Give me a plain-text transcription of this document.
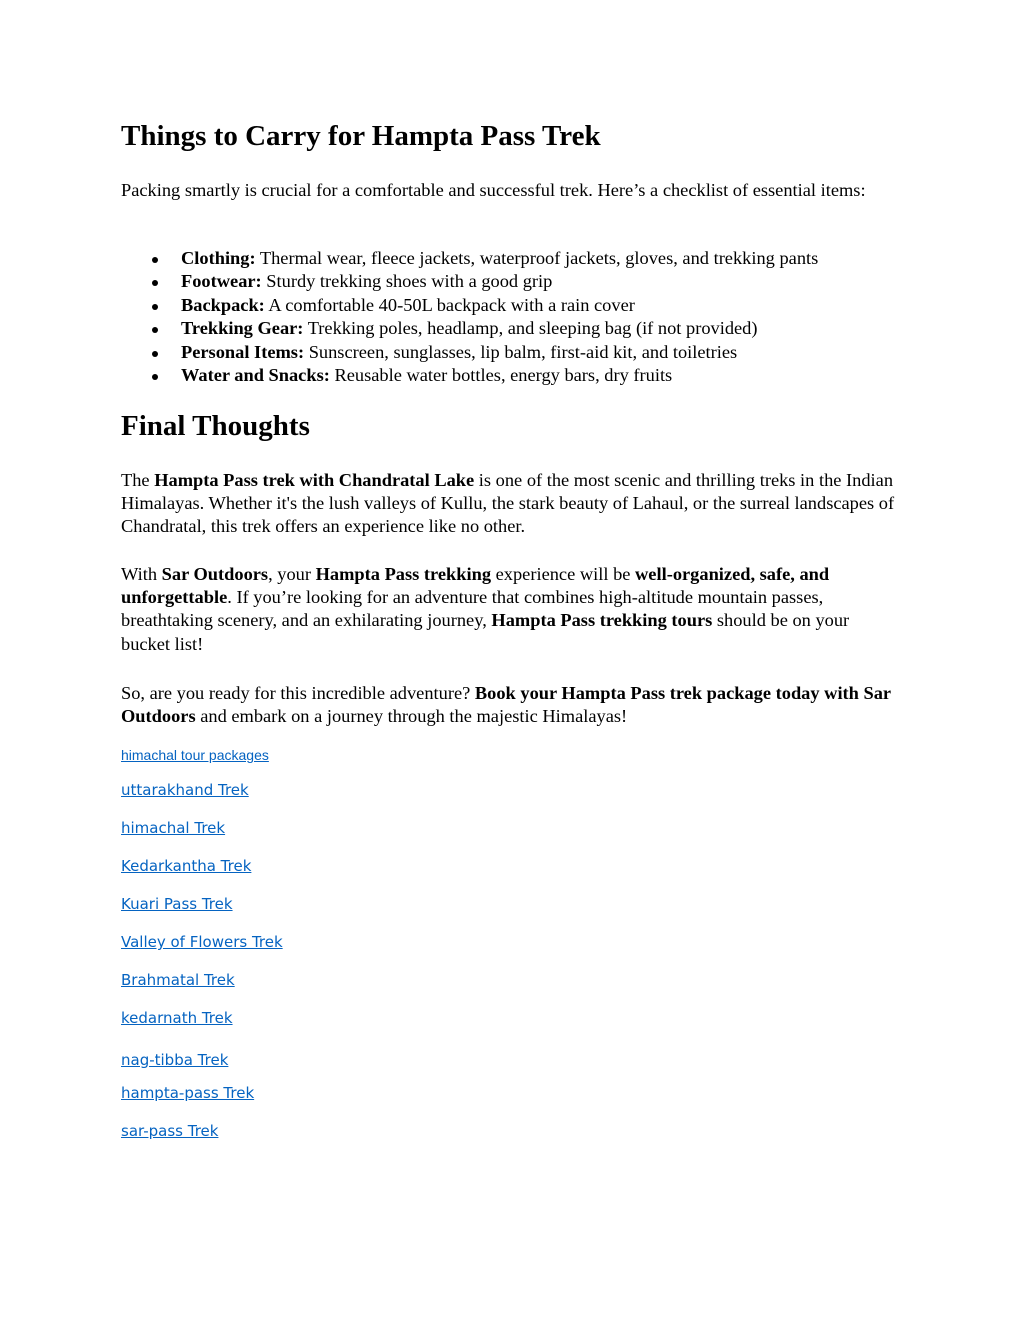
Things to Carry for Hampta Pass Trek

Packing smartly is crucial for a comfortable and successful trek. Here’s a checklist of essential items:

Clothing: Thermal wear, fleece jackets, waterproof jackets, gloves, and trekking pants
Footwear: Sturdy trekking shoes with a good grip
Backpack: A comfortable 40-50L backpack with a rain cover
Trekking Gear: Trekking poles, headlamp, and sleeping bag (if not provided)
Personal Items: Sunscreen, sunglasses, lip balm, first-aid kit, and toiletries
Water and Snacks: Reusable water bottles, energy bars, dry fruits
Final Thoughts

The Hampta Pass trek with Chandratal Lake is one of the most scenic and thrilling treks in the Indian Himalayas. Whether it's the lush valleys of Kullu, the stark beauty of Lahaul, or the surreal landscapes of Chandratal, this trek offers an experience like no other.

With Sar Outdoors, your Hampta Pass trekking experience will be well-organized, safe, and unforgettable. If you’re looking for an adventure that combines high-altitude mountain passes, breathtaking scenery, and an exhilarating journey, Hampta Pass trekking tours should be on your bucket list!

So, are you ready for this incredible adventure? Book your Hampta Pass trek package today with Sar Outdoors and embark on a journey through the majestic Himalayas!

himachal tour packages
uttarakhand Trek
himachal Trek
Kedarkantha Trek
Kuari Pass Trek
Valley of Flowers Trek
Brahmatal Trek
kedarnath Trek
nag-tibba Trek
hampta-pass Trek
sar-pass Trek
